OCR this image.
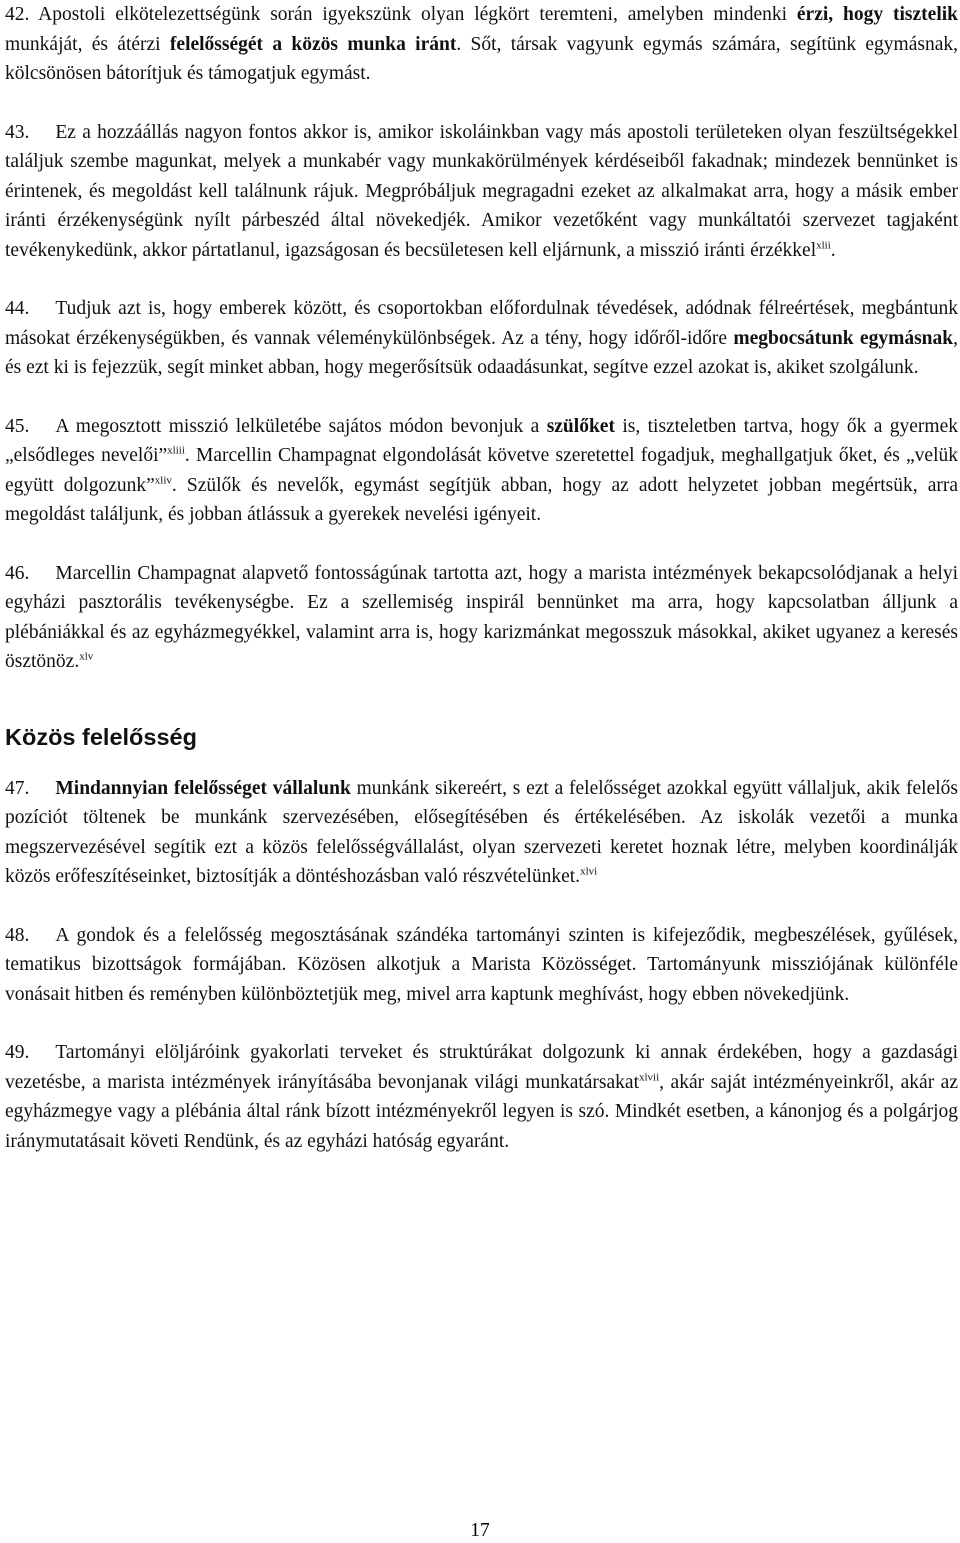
42. Apostoli elkötelezettségünk során igyekszünk olyan légkört teremteni, amelyben mindenki érzi, hogy tisztelik munkáját, és átérzi felelősségét a közös munka iránt. Sőt, társak vagyunk egymás számára, segítünk egymásnak, kölcsönösen bátorítjuk és támogatjuk egymást.

43. Ez a hozzáállás nagyon fontos akkor is, amikor iskoláinkban vagy más apostoli területeken olyan feszültségekkel találjuk szembe magunkat, melyek a munkabér vagy munkakörülmények kérdéseiből fakadnak; mindezek bennünket is érintenek, és megoldást kell találnunk rájuk. Megpróbáljuk megragadni ezeket az alkalmakat arra, hogy a másik ember iránti érzékenységünk nyílt párbeszéd által növekedjék. Amikor vezetőként vagy munkáltatói szervezet tagjaként tevékenykedünk, akkor pártatlanul, igazságosan és becsületesen kell eljárnunk, a misszió iránti érzékkel$^{xlii}$.

44. Tudjuk azt is, hogy emberek között, és csoportokban előfordulnak tévedések, adódnak félreértések, megbántunk másokat érzékenységükben, és vannak véleménykülönbségek. Az a tény, hogy időről-időre megbocsátunk egymásnak, és ezt ki is fejezzük, segít minket abban, hogy megerősítsük odaadásunkat, segítve ezzel azokat is, akiket szolgálunk.

45. A megosztott misszió lelkületébe sajátos módon bevonjuk a szülőket is, tiszteletben tartva, hogy ők a gyermek „elsődleges nevelői”$^{xliii}$. Marcellin Champagnat elgondolását követve szeretettel fogadjuk, meghallgatjuk őket, és „velük együtt dolgozunk”$^{xliv}$. Szülők és nevelők, egymást segítjük abban, hogy az adott helyzetet jobban megértsük, arra megoldást találjunk, és jobban átlássuk a gyerekek nevelési igényeit.

46. Marcellin Champagnat alapvető fontosságúnak tartotta azt, hogy a marista intézmények bekapcsolódjanak a helyi egyházi pasztorális tevékenységbe. Ez a szellemiség inspirál bennünket ma arra, hogy kapcsolatban álljunk a plébániákkal és az egyházmegyékkel, valamint arra is, hogy karizmánkat megosszuk másokkal, akiket ugyanez a keresés ösztönöz.$^{xlv}$

Közös felelősség

47. Mindannyian felelősséget vállalunk munkánk sikereért, s ezt a felelősséget azokkal együtt vállaljuk, akik felelős pozíciót töltenek be munkánk szervezésében, elősegítésében és értékelésében. Az iskolák vezetői a munka megszervezésével segítik ezt a közös felelősségvállalást, olyan szervezeti keretet hoznak létre, melyben koordinálják közös erőfeszítéseinket, biztosítják a döntéshozásban való részvételünket.$^{xlvi}$

48. A gondok és a felelősség megosztásának szándéka tartományi szinten is kifejeződik, megbeszélések, gyűlések, tematikus bizottságok formájában. Közösen alkotjuk a Marista Közösséget. Tartományunk missziójának különféle vonásait hitben és reményben különböztetjük meg, mivel arra kaptunk meghívást, hogy ebben növekedjünk.

49. Tartományi elöljáróink gyakorlati terveket és struktúrákat dolgozunk ki annak érdekében, hogy a gazdasági vezetésbe, a marista intézmények irányításába bevonjanak világi munkatársakat$^{xlvii}$, akár saját intézményeinkről, akár az egyházmegye vagy a plébánia által ránk bízott intézményekről legyen is szó. Mindkét esetben, a kánonjog és a polgárjog iránymutatásait követi Rendünk, és az egyházi hatóság egyaránt.

17
